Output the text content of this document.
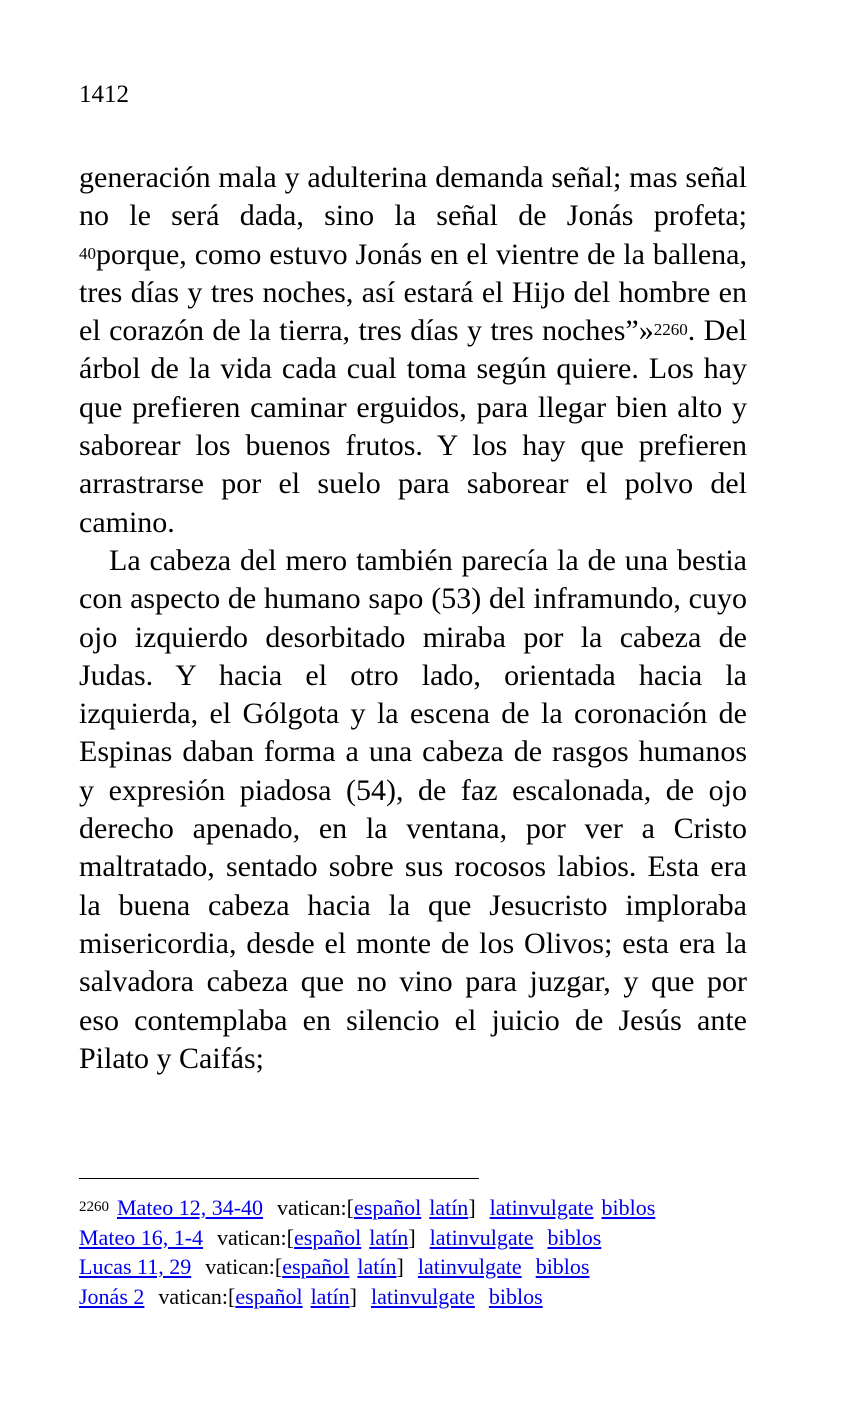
1412

generación mala y adulterina demanda señal; mas señal no le será dada, sino la señal de Jonás profeta; $^{40}$porque, como estuvo Jonás en el vientre de la ballena, tres días y tres noches, así estará el Hijo del hombre en el corazón de la tierra, tres días y tres noches”»$^{2260}$. Del árbol de la vida cada cual toma según quiere. Los hay que prefieren caminar erguidos, para llegar bien alto y saborear los buenos frutos. Y los hay que prefieren arrastrarse por el suelo para saborear el polvo del camino.

La cabeza del mero también parecía la de una bestia con aspecto de humano sapo (53) del inframundo, cuyo ojo izquierdo desorbitado miraba por la cabeza de Judas. Y hacia el otro lado, orientada hacia la izquierda, el Gólgota y la escena de la coronación de Espinas daban forma a una cabeza de rasgos humanos y expresión piadosa (54), de faz escalonada, de ojo derecho apenado, en la ventana, por ver a Cristo maltratado, sentado sobre sus rocosos labios. Esta era la buena cabeza hacia la que Jesucristo imploraba misericordia, desde el monte de los Olivos; esta era la salvadora cabeza que no vino para juzgar, y que por eso contemplaba en silencio el juicio de Jesús ante Pilato y Caifás;

$^{2260}$ Mateo 12, 34-40 vatican:[español latín] latinvulgate biblos
Mateo 16, 1-4 vatican:[español latín] latinvulgate biblos
Lucas 11, 29 vatican:[español latín] latinvulgate biblos
Jonás 2 vatican:[español latín] latinvulgate biblos
